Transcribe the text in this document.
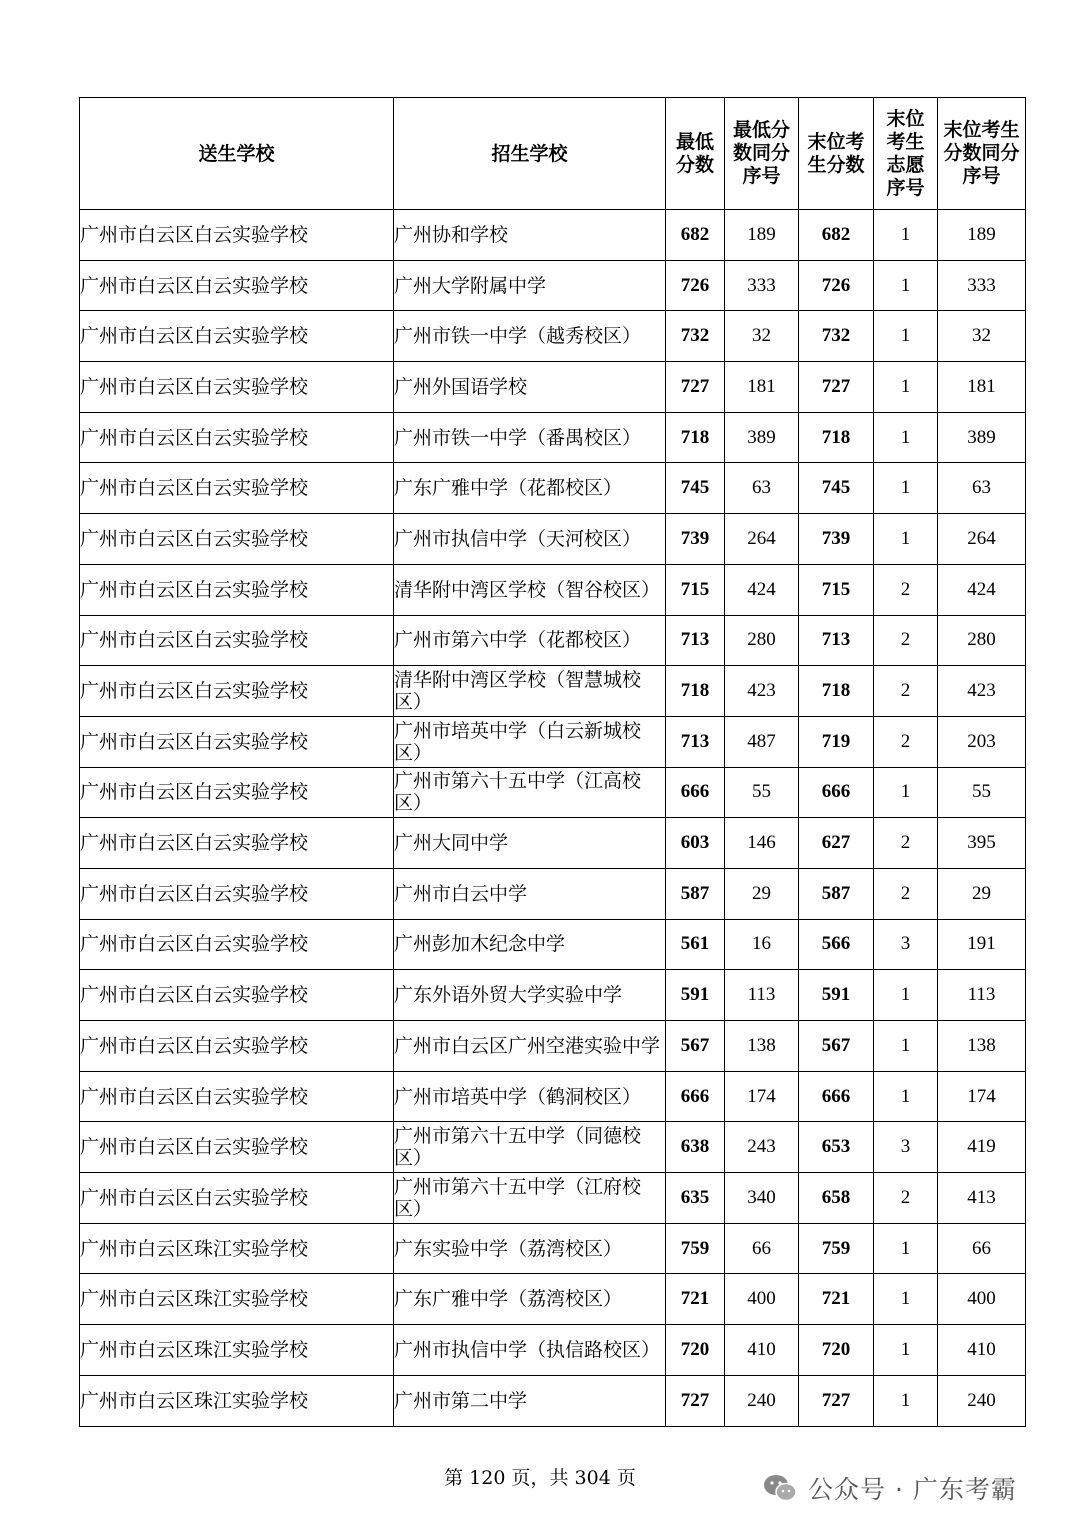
送生学校	招生学校	最低分数	最低分数同分序号	末位考生分数	末位考生志愿序号	末位考生分数同分序号
广州市白云区白云实验学校	广州协和学校	682	189	682	1	189
广州市白云区白云实验学校	广州大学附属中学	726	333	726	1	333
广州市白云区白云实验学校	广州市铁一中学（越秀校区）	732	32	732	1	32
广州市白云区白云实验学校	广州外国语学校	727	181	727	1	181
广州市白云区白云实验学校	广州市铁一中学（番禺校区）	718	389	718	1	389
广州市白云区白云实验学校	广东广雅中学（花都校区）	745	63	745	1	63
广州市白云区白云实验学校	广州市执信中学（天河校区）	739	264	739	1	264
广州市白云区白云实验学校	清华附中湾区学校（智谷校区）	715	424	715	2	424
广州市白云区白云实验学校	广州市第六中学（花都校区）	713	280	713	2	280
广州市白云区白云实验学校	清华附中湾区学校（智慧城校区）	718	423	718	2	423
广州市白云区白云实验学校	广州市培英中学（白云新城校区）	713	487	719	2	203
广州市白云区白云实验学校	广州市第六十五中学（江高校区）	666	55	666	1	55
广州市白云区白云实验学校	广州大同中学	603	146	627	2	395
广州市白云区白云实验学校	广州市白云中学	587	29	587	2	29
广州市白云区白云实验学校	广州彭加木纪念中学	561	16	566	3	191
广州市白云区白云实验学校	广东外语外贸大学实验中学	591	113	591	1	113
广州市白云区白云实验学校	广州市白云区广州空港实验中学	567	138	567	1	138
广州市白云区白云实验学校	广州市培英中学（鹤洞校区）	666	174	666	1	174
广州市白云区白云实验学校	广州市第六十五中学（同德校区）	638	243	653	3	419
广州市白云区白云实验学校	广州市第六十五中学（江府校区）	635	340	658	2	413
广州市白云区珠江实验学校	广东实验中学（荔湾校区）	759	66	759	1	66
广州市白云区珠江实验学校	广东广雅中学（荔湾校区）	721	400	721	1	400
广州市白云区珠江实验学校	广州市执信中学（执信路校区）	720	410	720	1	410
广州市白云区珠江实验学校	广州市第二中学	727	240	727	1	240
第 120 页，共 304 页	公众号 · 广东考霸
